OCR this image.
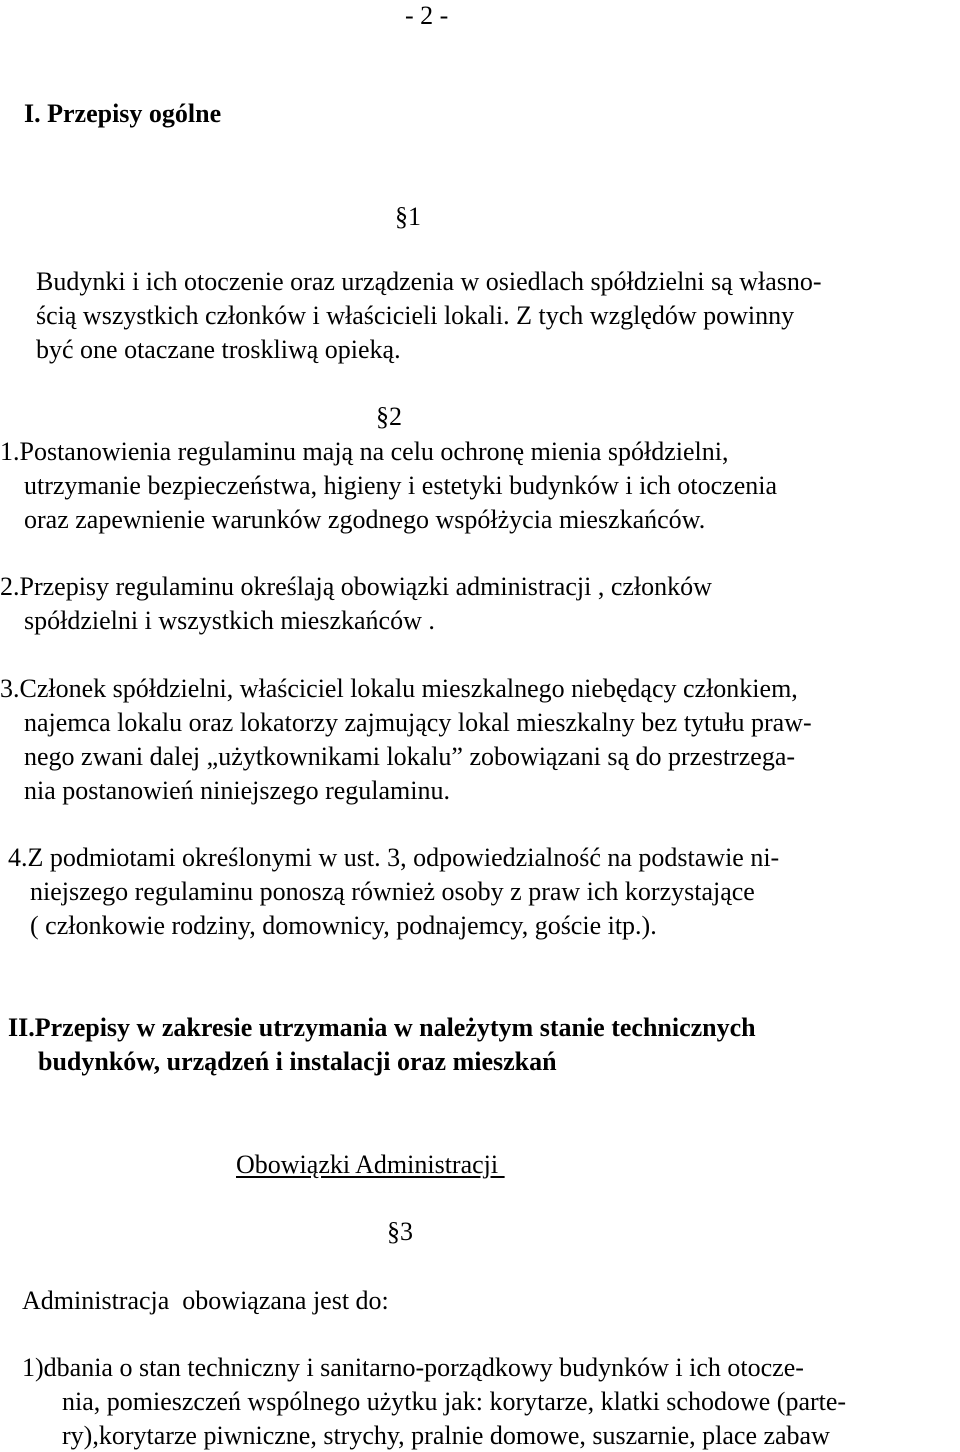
- 2 -
I. Przepisy ogólne
§1
Budynki i ich otoczenie oraz urządzenia w osiedlach spółdzielni są własno-
ścią wszystkich członków i właścicieli lokali. Z tych względów powinny
być one otaczane troskliwą opieką.
§2
1.Postanowienia regulaminu mają na celu ochronę mienia spółdzielni,
utrzymanie bezpieczeństwa, higieny i estetyki budynków i ich otoczenia
oraz zapewnienie warunków zgodnego współżycia mieszkańców.
2.Przepisy regulaminu określają obowiązki administracji , członków
spółdzielni i wszystkich mieszkańców .
3.Członek spółdzielni, właściciel lokalu mieszkalnego niebędący członkiem,
najemca lokalu oraz lokatorzy zajmujący lokal mieszkalny bez tytułu praw-
nego zwani dalej „użytkownikami lokalu” zobowiązani są do przestrzega-
nia postanowień niniejszego regulaminu.
4.Z podmiotami określonymi w ust. 3, odpowiedzialność na podstawie ni-
niejszego regulaminu ponoszą również osoby z praw ich korzystające
( członkowie rodziny, domownicy, podnajemcy, goście itp.).
II.Przepisy w zakresie utrzymania w należytym stanie technicznych
budynków, urządzeń i instalacji oraz mieszkań
Obowiązki Administracji
§3
Administracja  obowiązana jest do:
1)dbania o stan techniczny i sanitarno-porządkowy budynków i ich otocze-
nia, pomieszczeń wspólnego użytku jak: korytarze, klatki schodowe (parte-
ry),korytarze piwniczne, strychy, pralnie domowe, suszarnie, place zabaw
